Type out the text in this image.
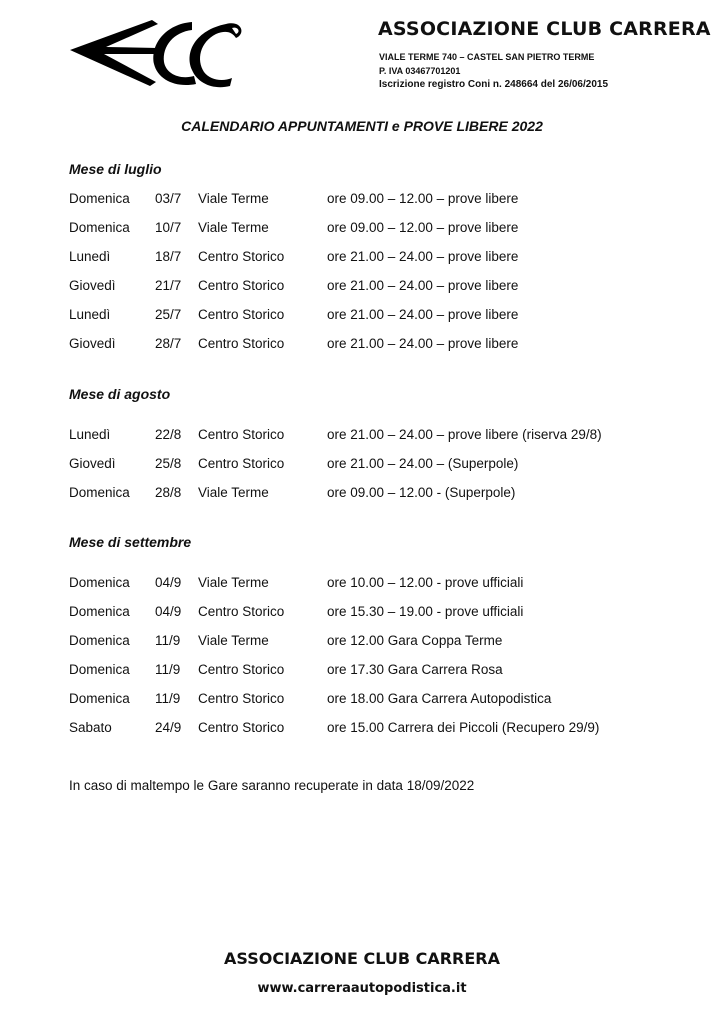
ASSOCIAZIONE CLUB CARRERA
VIALE TERME 740 – CASTEL SAN PIETRO TERME
P. IVA 03467701201
Iscrizione registro Coni n. 248664 del 26/06/2015
CALENDARIO APPUNTAMENTI e PROVE LIBERE 2022
Mese di luglio
Domenica 03/7 Viale Terme	ore 09.00 – 12.00 – prove libere
Domenica 10/7 Viale Terme	ore 09.00 – 12.00 – prove libere
Lunedì	18/7 Centro Storico	ore 21.00 – 24.00 – prove libere
Giovedì	21/7 Centro Storico	ore 21.00 – 24.00 – prove libere
Lunedì	25/7 Centro Storico	ore 21.00 – 24.00 – prove libere
Giovedì	28/7 Centro Storico	ore 21.00 – 24.00 – prove libere
Mese di agosto
Lunedì	22/8 Centro Storico	ore 21.00 – 24.00 – prove libere (riserva 29/8)
Giovedì	25/8 Centro Storico	ore 21.00 – 24.00 – (Superpole)
Domenica 28/8 Viale Terme	ore 09.00 – 12.00 - (Superpole)
Mese di settembre
Domenica 04/9 Viale Terme	ore 10.00 – 12.00 - prove ufficiali
Domenica 04/9 Centro Storico	ore 15.30 – 19.00 - prove ufficiali
Domenica 11/9 Viale Terme	ore 12.00 Gara Coppa Terme
Domenica 11/9 Centro Storico	ore 17.30 Gara Carrera Rosa
Domenica 11/9 Centro Storico	ore 18.00 Gara Carrera Autopodistica
Sabato	24/9 Centro Storico	ore 15.00 Carrera dei Piccoli (Recupero 29/9)
In caso di maltempo le Gare saranno recuperate in data 18/09/2022
ASSOCIAZIONE CLUB CARRERA
www.carreraautopodistica.it
